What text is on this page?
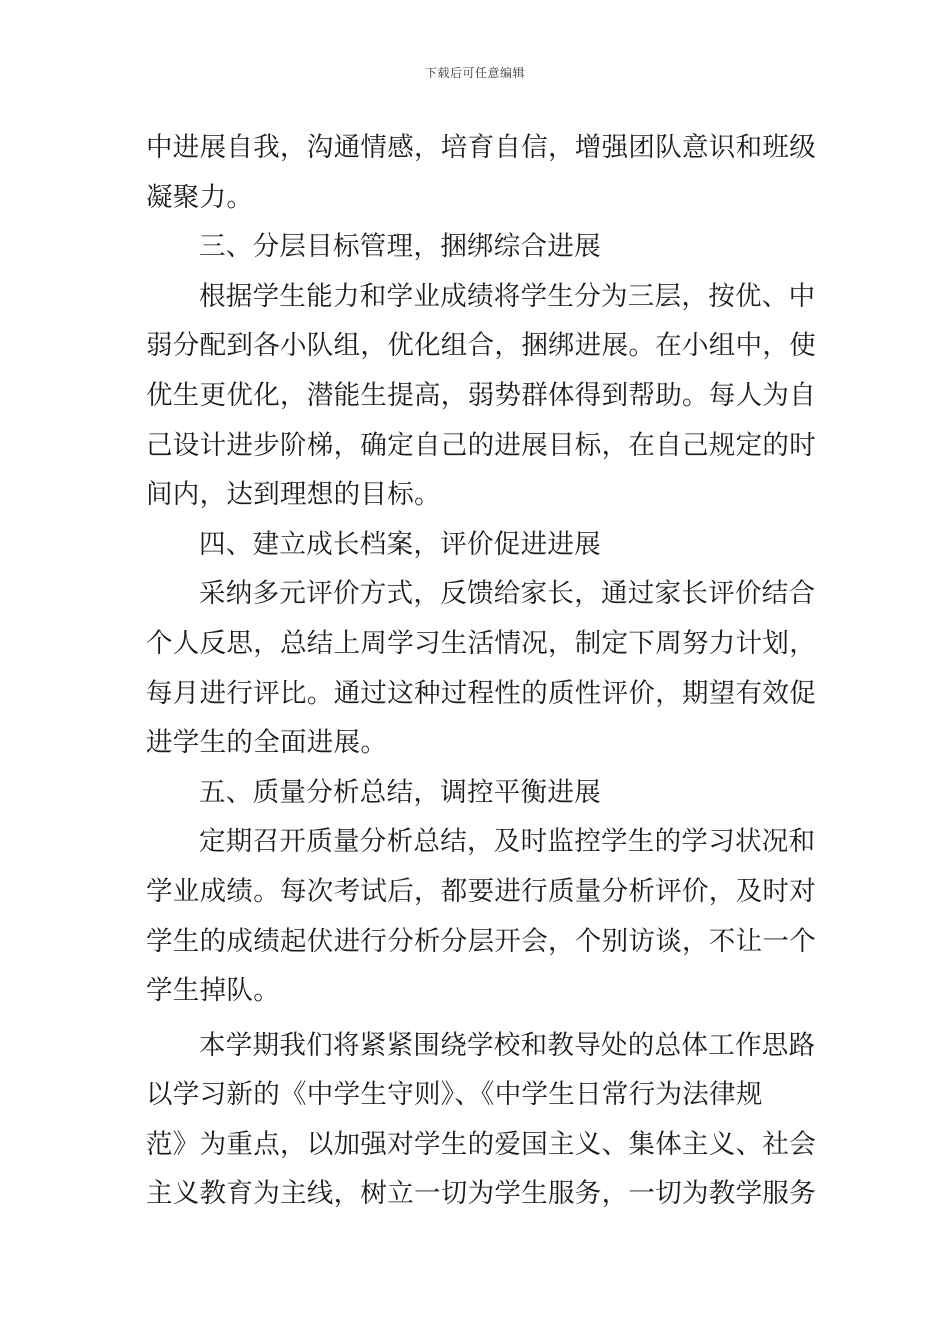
下载后可任意编辑
中进展自我，沟通情感，培育自信，增强团队意识和班级
凝聚力。
三、分层目标管理，捆绑综合进展
根据学生能力和学业成绩将学生分为三层，按优、中
弱分配到各小队组，优化组合，捆绑进展。在小组中，使
优生更优化，潜能生提高，弱势群体得到帮助。每人为自
己设计进步阶梯，确定自己的进展目标，在自己规定的时
间内，达到理想的目标。
四、建立成长档案，评价促进进展
采纳多元评价方式，反馈给家长，通过家长评价结合
个人反思，总结上周学习生活情况，制定下周努力计划，
每月进行评比。通过这种过程性的质性评价，期望有效促
进学生的全面进展。
五、质量分析总结，调控平衡进展
定期召开质量分析总结，及时监控学生的学习状况和
学业成绩。每次考试后，都要进行质量分析评价，及时对
学生的成绩起伏进行分析分层开会，个别访谈，不让一个
学生掉队。
本学期我们将紧紧围绕学校和教导处的总体工作思路
以学习新的《中学生守则》、《中学生日常行为法律规
范》为重点，以加强对学生的爱国主义、集体主义、社会
主义教育为主线，树立一切为学生服务，一切为教学服务
